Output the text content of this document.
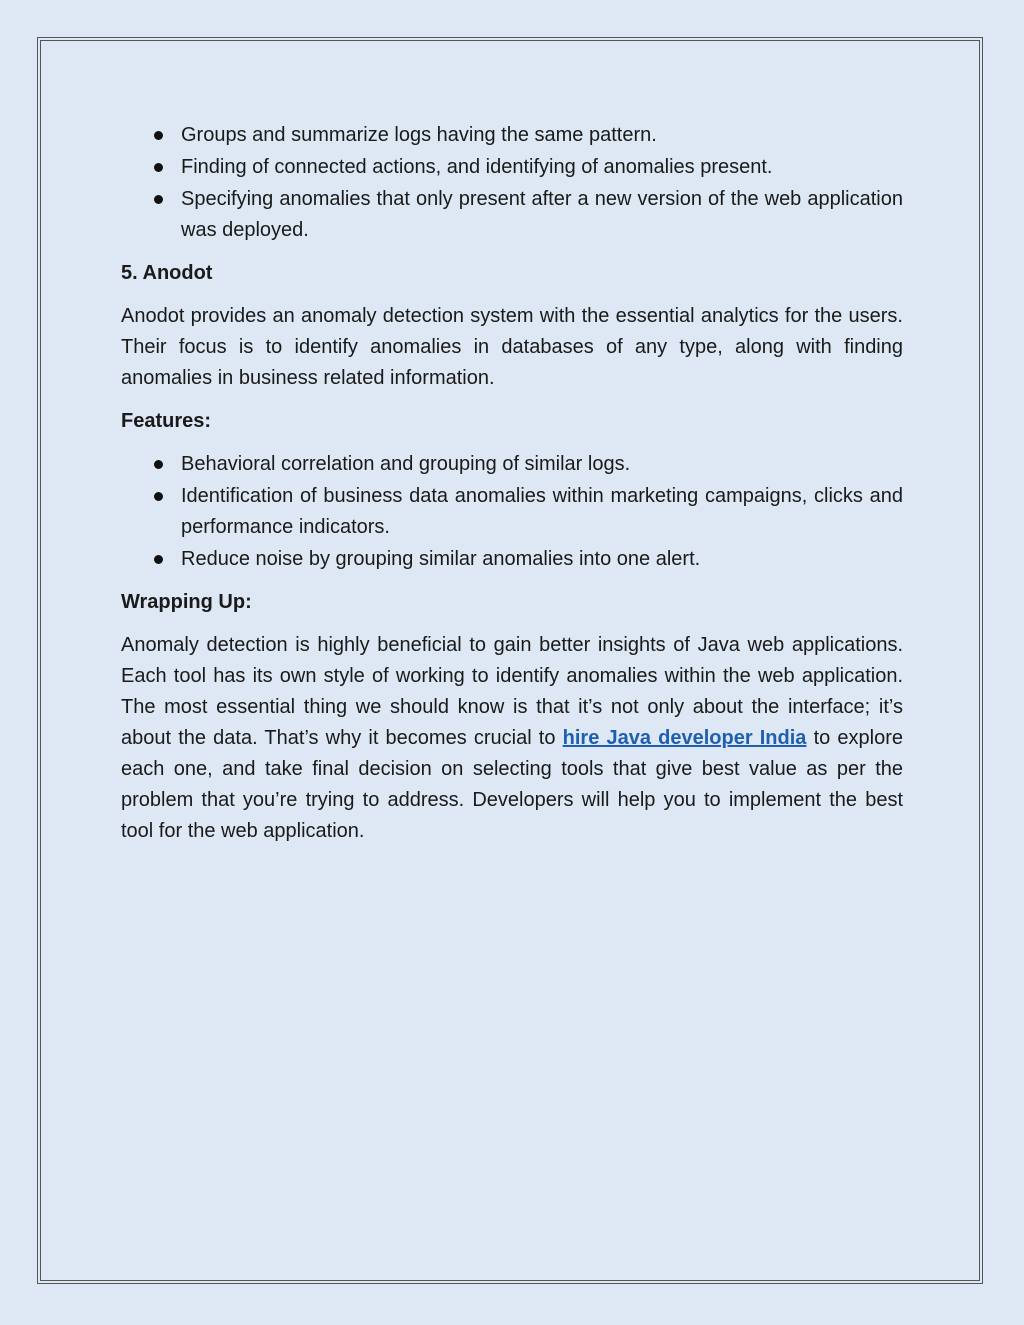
Groups and summarize logs having the same pattern.
Finding of connected actions, and identifying of anomalies present.
Specifying anomalies that only present after a new version of the web application was deployed.
5. Anodot

Anodot provides an anomaly detection system with the essential analytics for the users. Their focus is to identify anomalies in databases of any type, along with finding anomalies in business related information.

Features:
Behavioral correlation and grouping of similar logs.
Identification of business data anomalies within marketing campaigns, clicks and performance indicators.
Reduce noise by grouping similar anomalies into one alert.
Wrapping Up:

Anomaly detection is highly beneficial to gain better insights of Java web applications. Each tool has its own style of working to identify anomalies within the web application. The most essential thing we should know is that it’s not only about the interface; it’s about the data. That’s why it becomes crucial to hire Java developer India to explore each one, and take final decision on selecting tools that give best value as per the problem that you’re trying to address. Developers will help you to implement the best tool for the web application.
